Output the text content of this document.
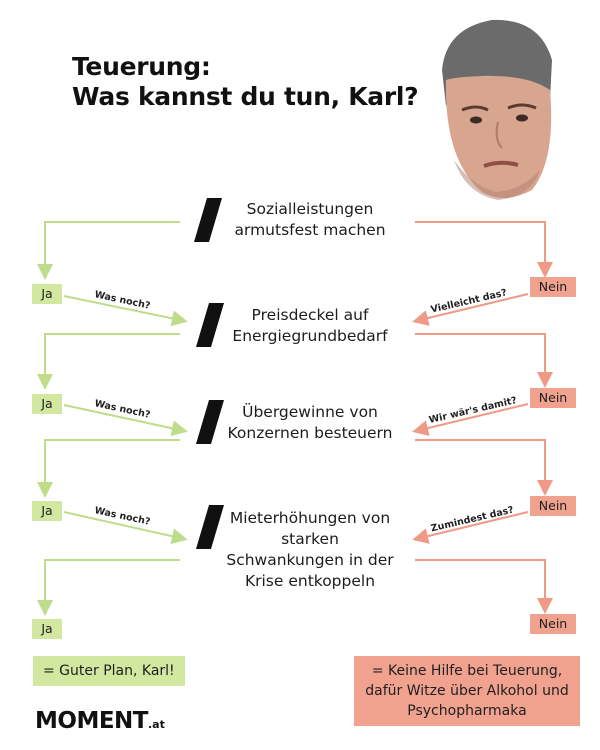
Teuerung:
Was kannst du tun, Karl?
Sozialleistungen armutsfest machen
Preisdeckel auf Energiegrundbedarf
Übergewinne von Konzernen besteuern
Mieterhöhungen von starken Schwankungen in der Krise entkoppeln
Ja
Ja
Ja
Ja
Nein
Nein
Nein
Nein
Was noch?
Was noch?
Was noch?
Vielleicht das?
Wir wär's damit?
Zumindest das?
= Guter Plan, Karl!	= Keine Hilfe bei Teuerung, dafür Witze über Alkohol und Psychopharmaka
MOMENT.at
